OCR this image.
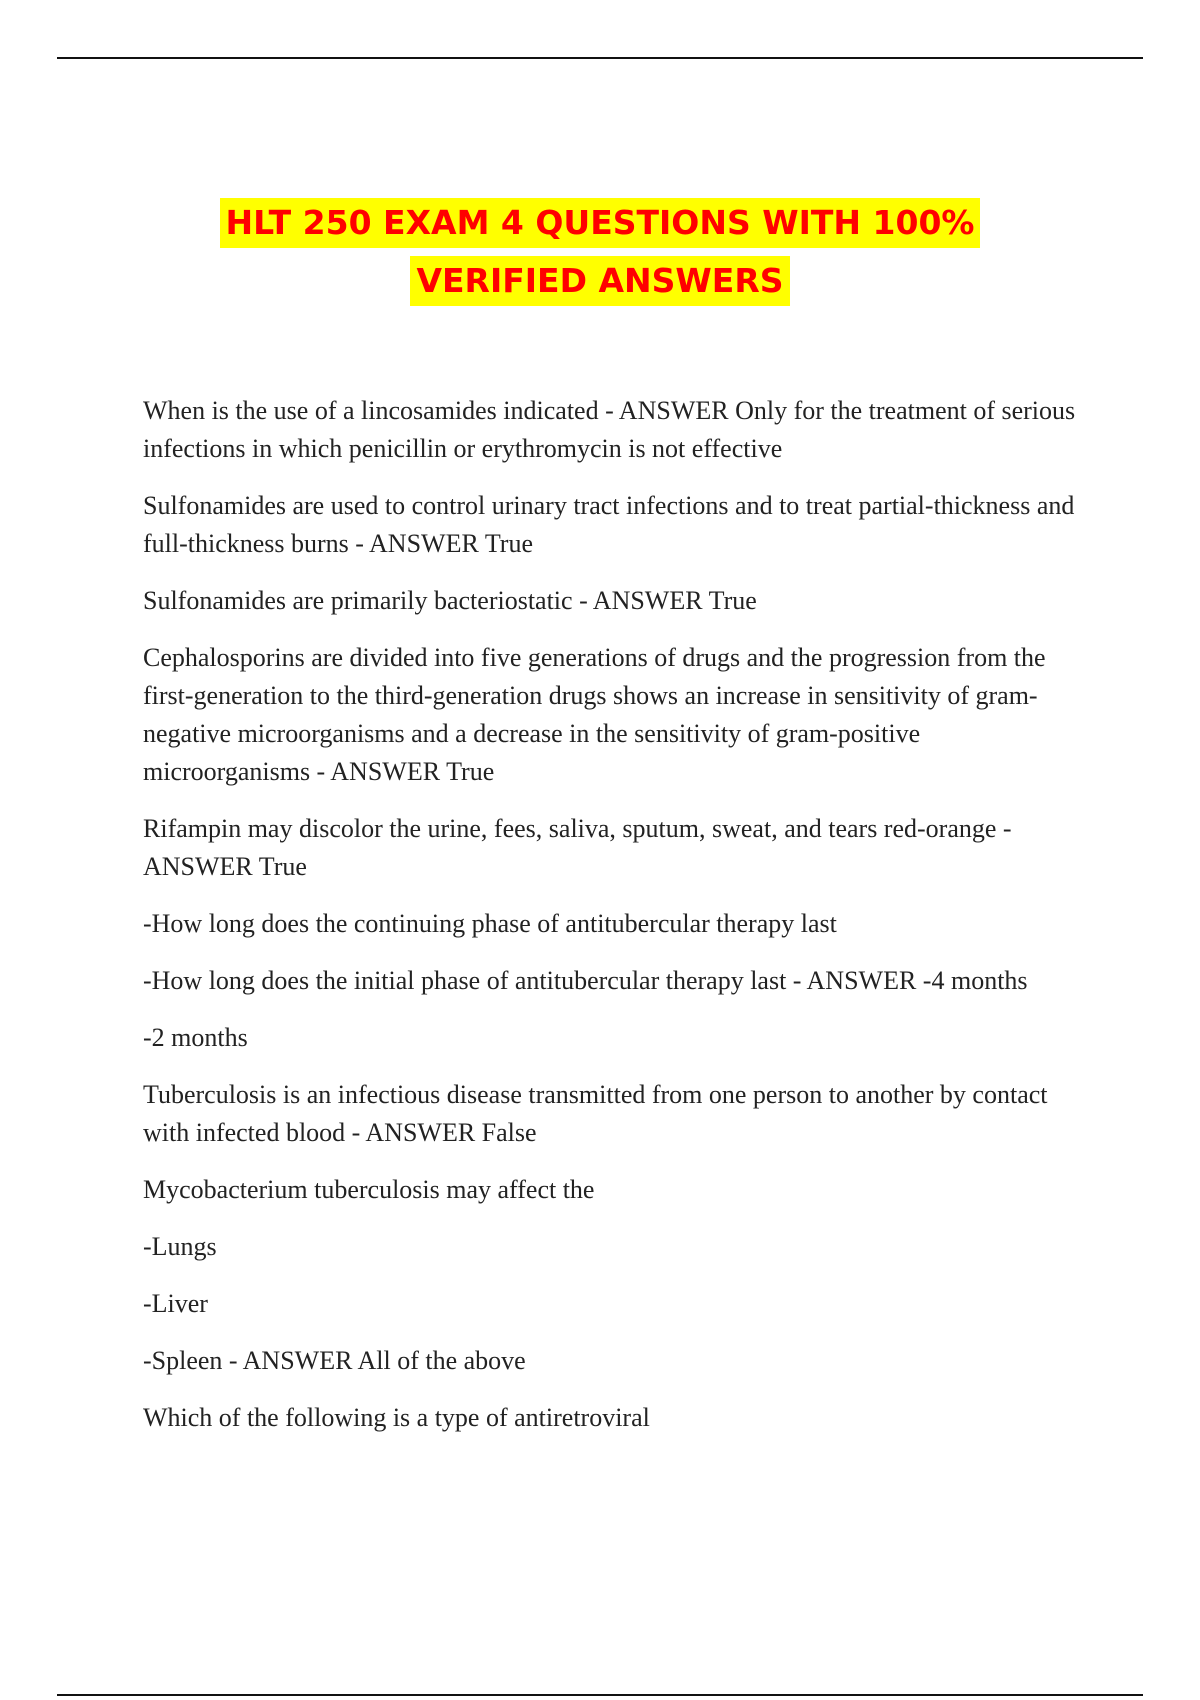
HLT 250 EXAM 4 QUESTIONS WITH 100%
VERIFIED ANSWERS

When is the use of a lincosamides indicated - ANSWER Only for the treatment of serious infections in which penicillin or erythromycin is not effective

Sulfonamides are used to control urinary tract infections and to treat partial-thickness and full-thickness burns - ANSWER True

Sulfonamides are primarily bacteriostatic - ANSWER True

Cephalosporins are divided into five generations of drugs and the progression from the first-generation to the third-generation drugs shows an increase in sensitivity of gram-negative microorganisms and a decrease in the sensitivity of gram-positive microorganisms - ANSWER True

Rifampin may discolor the urine, fees, saliva, sputum, sweat, and tears red-orange - ANSWER True

-How long does the continuing phase of antitubercular therapy last

-How long does the initial phase of antitubercular therapy last - ANSWER -4 months

-2 months

Tuberculosis is an infectious disease transmitted from one person to another by contact with infected blood - ANSWER False

Mycobacterium tuberculosis may affect the

-Lungs

-Liver

-Spleen - ANSWER All of the above

Which of the following is a type of antiretroviral
